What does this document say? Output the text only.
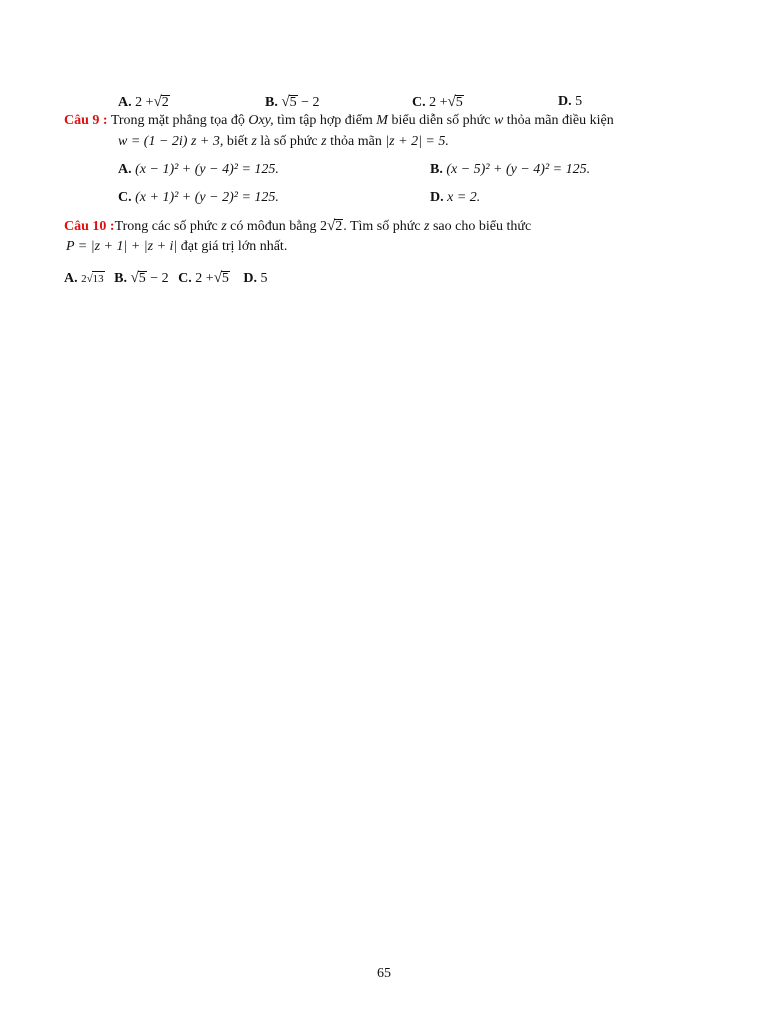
A. 2 +√2	B. √5 − 2	C. 2 +√5	D. 5
Câu 9 : Trong mặt phẳng tọa độ Oxy, tìm tập hợp điểm M biểu diễn số phức w thỏa mãn điều kiện
w = (1 − 2i) z + 3, biết z là số phức z thỏa mãn |z + 2| = 5.
A. (x − 1)² + (y − 4)² = 125.	B. (x − 5)² + (y − 4)² = 125.
C. (x + 1)² + (y − 2)² = 125.	D. x = 2.
Câu 10 :Trong các số phức z có môđun bằng 2√2. Tìm số phức z sao cho biểu thức
P = |z + 1| + |z + i| đạt giá trị lớn nhất.
A. 2√13 B. √5 − 2 C. 2 +√5 D. 5
65
